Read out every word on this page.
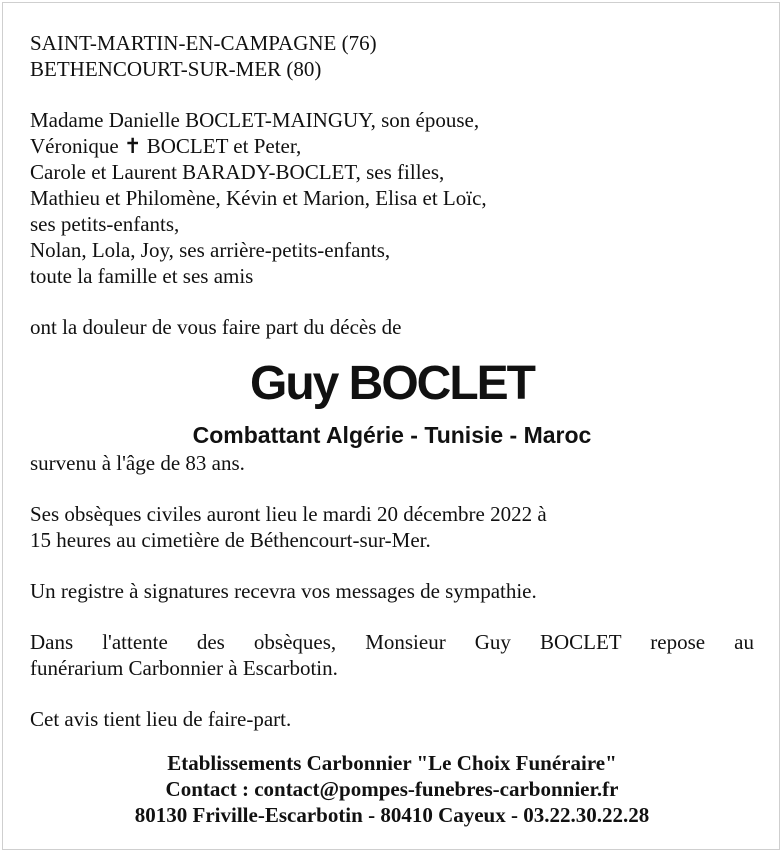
SAINT-MARTIN-EN-CAMPAGNE (76)
BETHENCOURT-SUR-MER (80)
Madame Danielle BOCLET-MAINGUY, son épouse,
Véronique ✝ BOCLET et Peter,
Carole et Laurent BARADY-BOCLET, ses filles,
Mathieu et Philomène, Kévin et Marion, Elisa et Loïc,
ses petits-enfants,
Nolan, Lola, Joy, ses arrière-petits-enfants,
toute la famille et ses amis
ont la douleur de vous faire part du décès de
Guy BOCLET
Combattant Algérie - Tunisie - Maroc
survenu à l'âge de 83 ans.
Ses obsèques civiles auront lieu le mardi 20 décembre 2022 à
15 heures au cimetière de Béthencourt-sur-Mer.
Un registre à signatures recevra vos messages de sympathie.
Dans l'attente des obsèques, Monsieur Guy BOCLET repose au
funérarium Carbonnier à Escarbotin.
Cet avis tient lieu de faire-part.
Etablissements Carbonnier "Le Choix Funéraire"
Contact : contact@pompes-funebres-carbonnier.fr
80130 Friville-Escarbotin - 80410 Cayeux - 03.22.30.22.28
